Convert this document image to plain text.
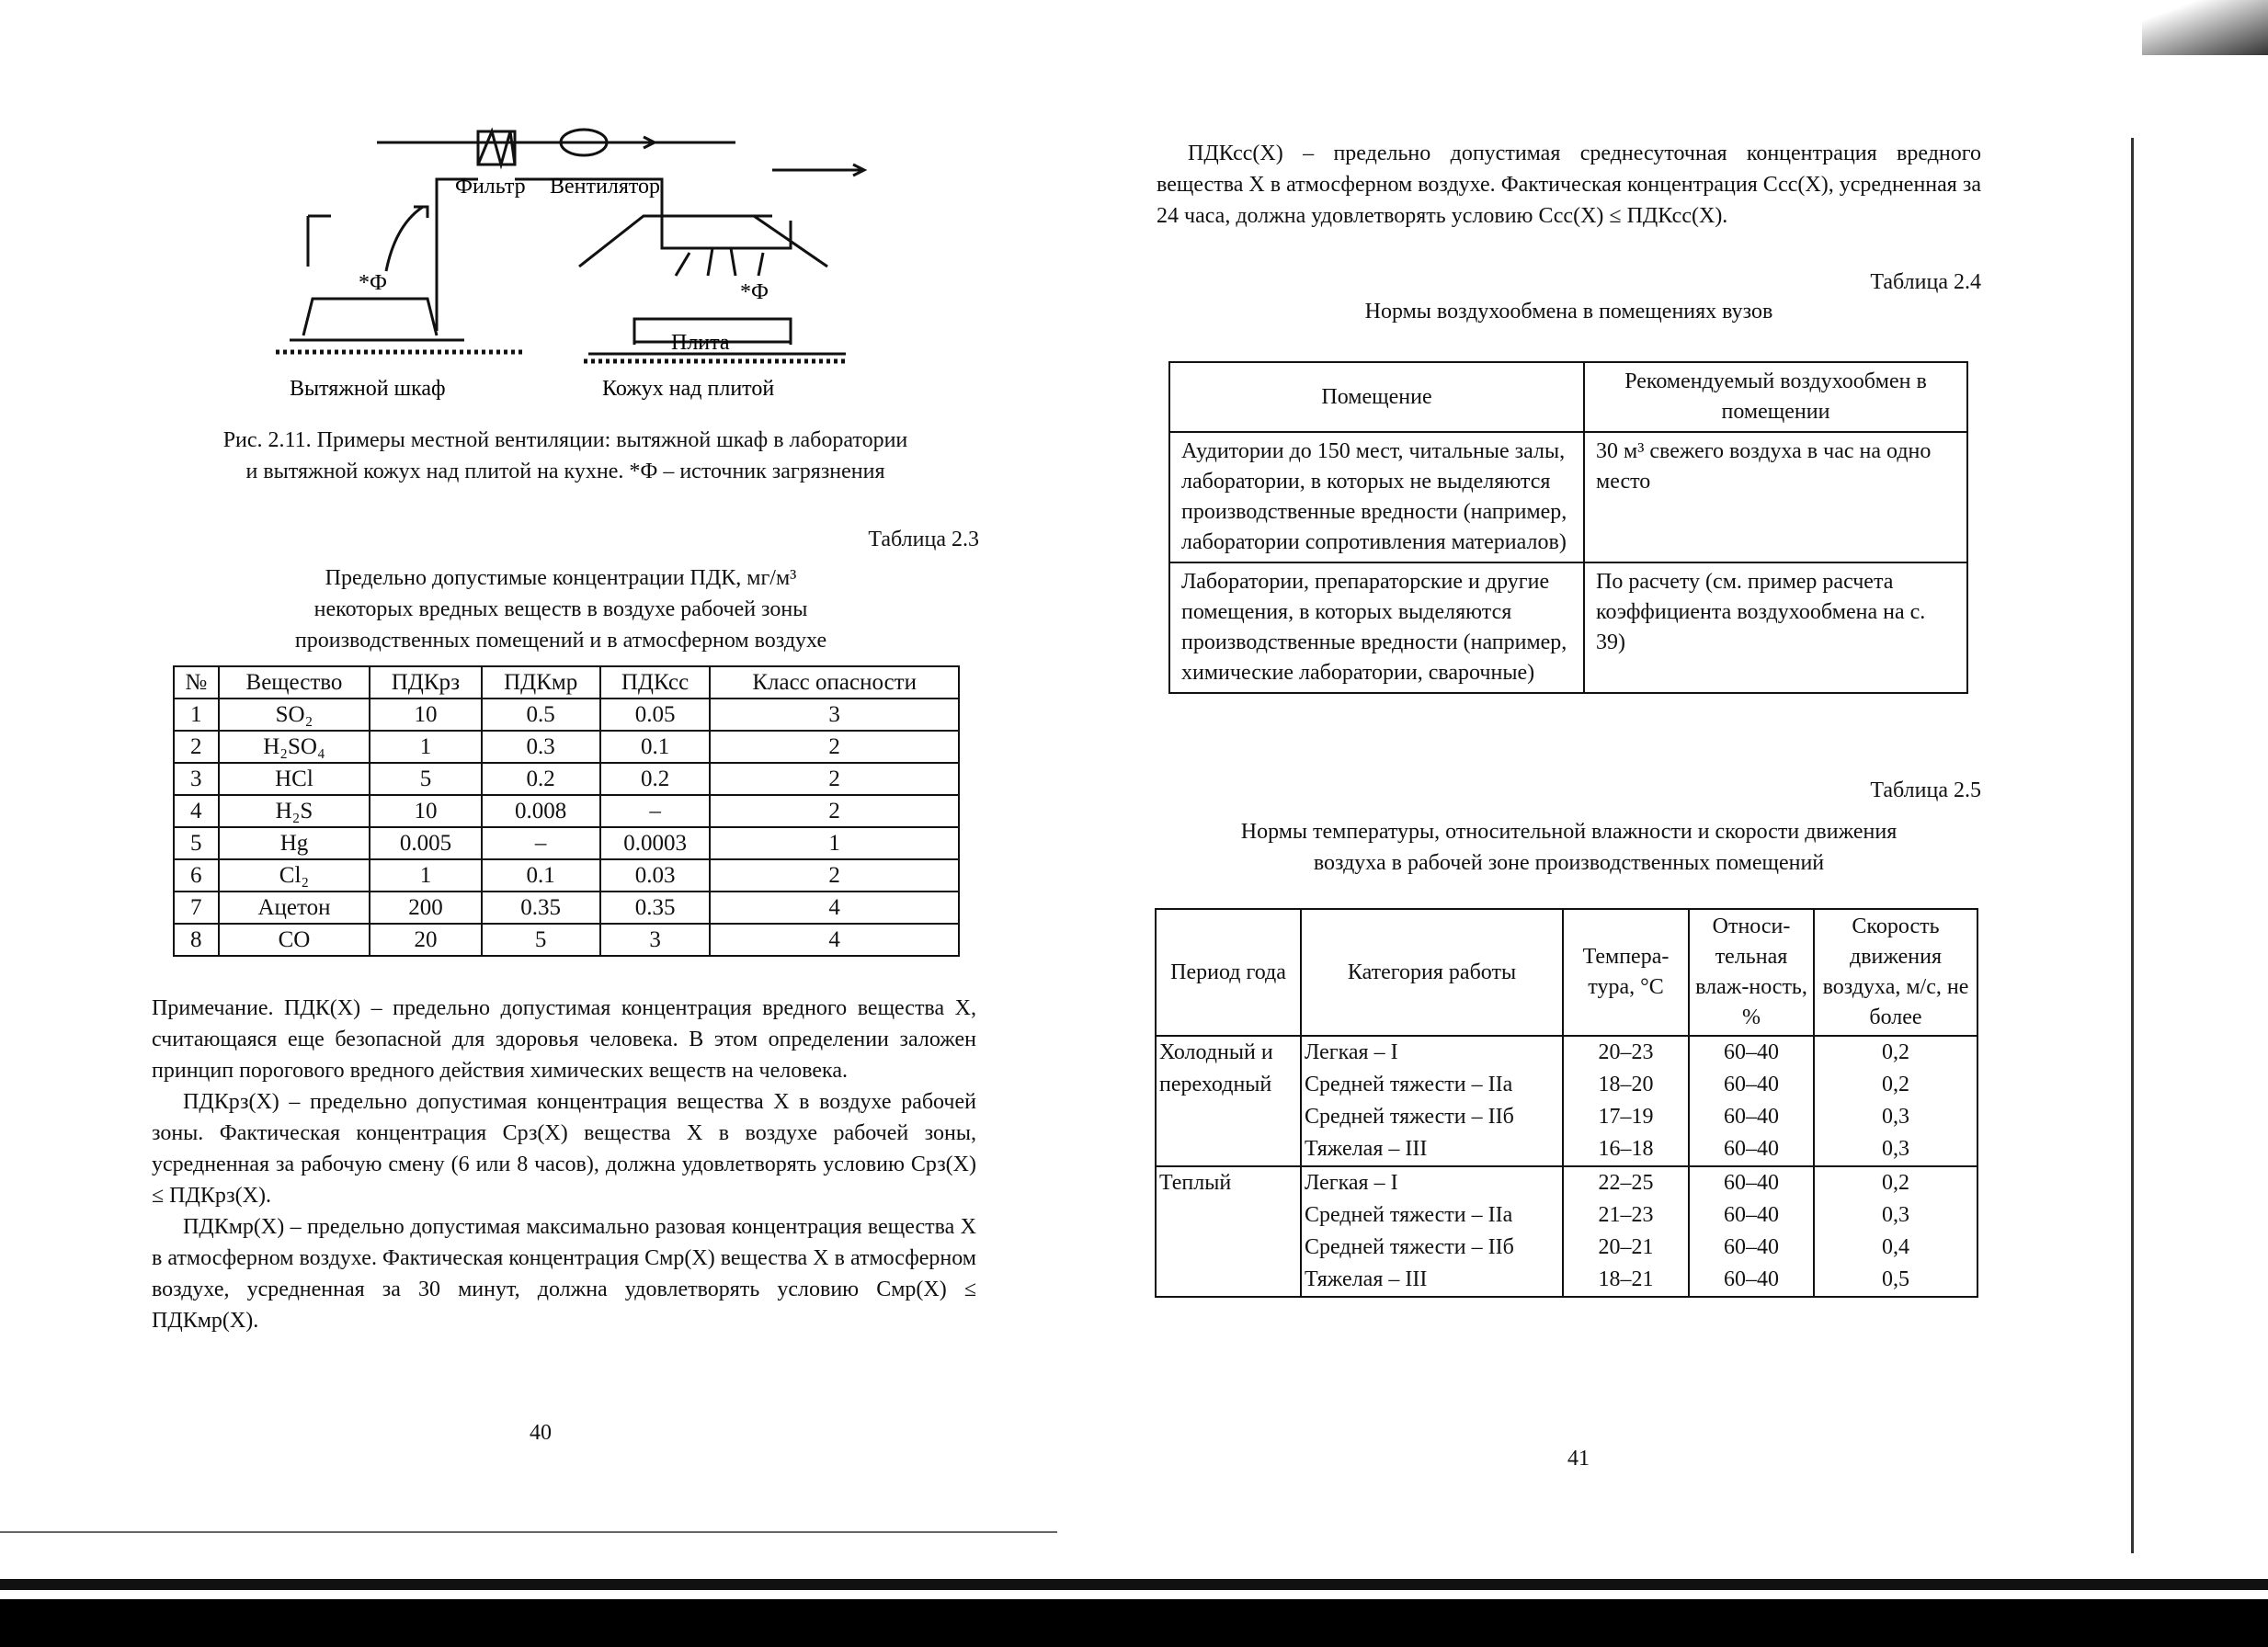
Фильтр Вентилятор
*Ф	*Ф
Плита
Вытяжной шкаф	Кожух над плитой
Рис. 2.11. Примеры местной вентиляции: вытяжной шкаф в лаборатории
и вытяжной кожух над плитой на кухне. *Ф – источник загрязнения
Таблица 2.3
Предельно допустимые концентрации ПДК, мг/м³
некоторых вредных веществ в воздухе рабочей зоны
производственных помещений и в атмосферном воздухе
№	Вещество	ПДКрз	ПДКмр	ПДКсс	Класс опасности
1	SO₂	10	0.5	0.05	3
2	H₂SO₄	1	0.3	0.1	2
3	HCl	5	0.2	0.2	2
4	H₂S	10	0.008	–	2
5	Hg	0.005	–	0.0003	1
6	Cl₂	1	0.1	0.03	2
7	Ацетон	200	0.35	0.35	4
8	CO	20	5	3	4
Примечание. ПДК(X) – предельно допустимая концентрация вредного вещества X, считающаяся еще безопасной для здоровья человека. В этом определении заложен принцип порогового вредного действия химических веществ на человека.
ПДКрз(X) – предельно допустимая концентрация вещества X в воздухе рабочей зоны. Фактическая концентрация Срз(X) вещества X в воздухе рабочей зоны, усредненная за рабочую смену (6 или 8 часов), должна удовлетворять условию Срз(X) ≤ ПДКрз(X).
ПДКмр(X) – предельно допустимая максимально разовая концентрация вещества X в атмосферном воздухе. Фактическая концентрация Смр(X) вещества X в атмосферном воздухе, усредненная за 30 минут, должна удовлетворять условию Смр(X) ≤ ПДКмр(X).
40
ПДКсс(X) – предельно допустимая среднесуточная концентрация вредного вещества X в атмосферном воздухе. Фактическая концентрация Ссс(X), усредненная за 24 часа, должна удовлетворять условию Ссс(X) ≤ ПДКсс(X).
Таблица 2.4
Нормы воздухообмена в помещениях вузов
Помещение	Рекомендуемый воздухообмен в помещении
Аудитории до 150 мест, читальные залы, лаборатории, в которых не выделяются производственные вредности (например, лаборатории сопротивления материалов)	30 м³ свежего воздуха в час на одно место
Лаборатории, препараторские и другие помещения, в которых выделяются производственные вредности (например, химические лаборатории, сварочные)	По расчету (см. пример расчета коэффициента воздухообмена на с. 39)
Таблица 2.5
Нормы температуры, относительной влажности и скорости движения
воздуха в рабочей зоне производственных помещений
Период года	Категория работы	Темпера-тура, °С	Относи-тельная влаж-ность, %	Скорость движения воздуха, м/с, не более
Холодный и переходный	Легкая – I	20–23	60–40	0,2
	Средней тяжести – IIа	18–20	60–40	0,2
	Средней тяжести – IIб	17–19	60–40	0,3
	Тяжелая – III	16–18	60–40	0,3
Теплый	Легкая – I	22–25	60–40	0,2
	Средней тяжести – IIа	21–23	60–40	0,3
	Средней тяжести – IIб	20–21	60–40	0,4
	Тяжелая – III	18–21	60–40	0,5
41
